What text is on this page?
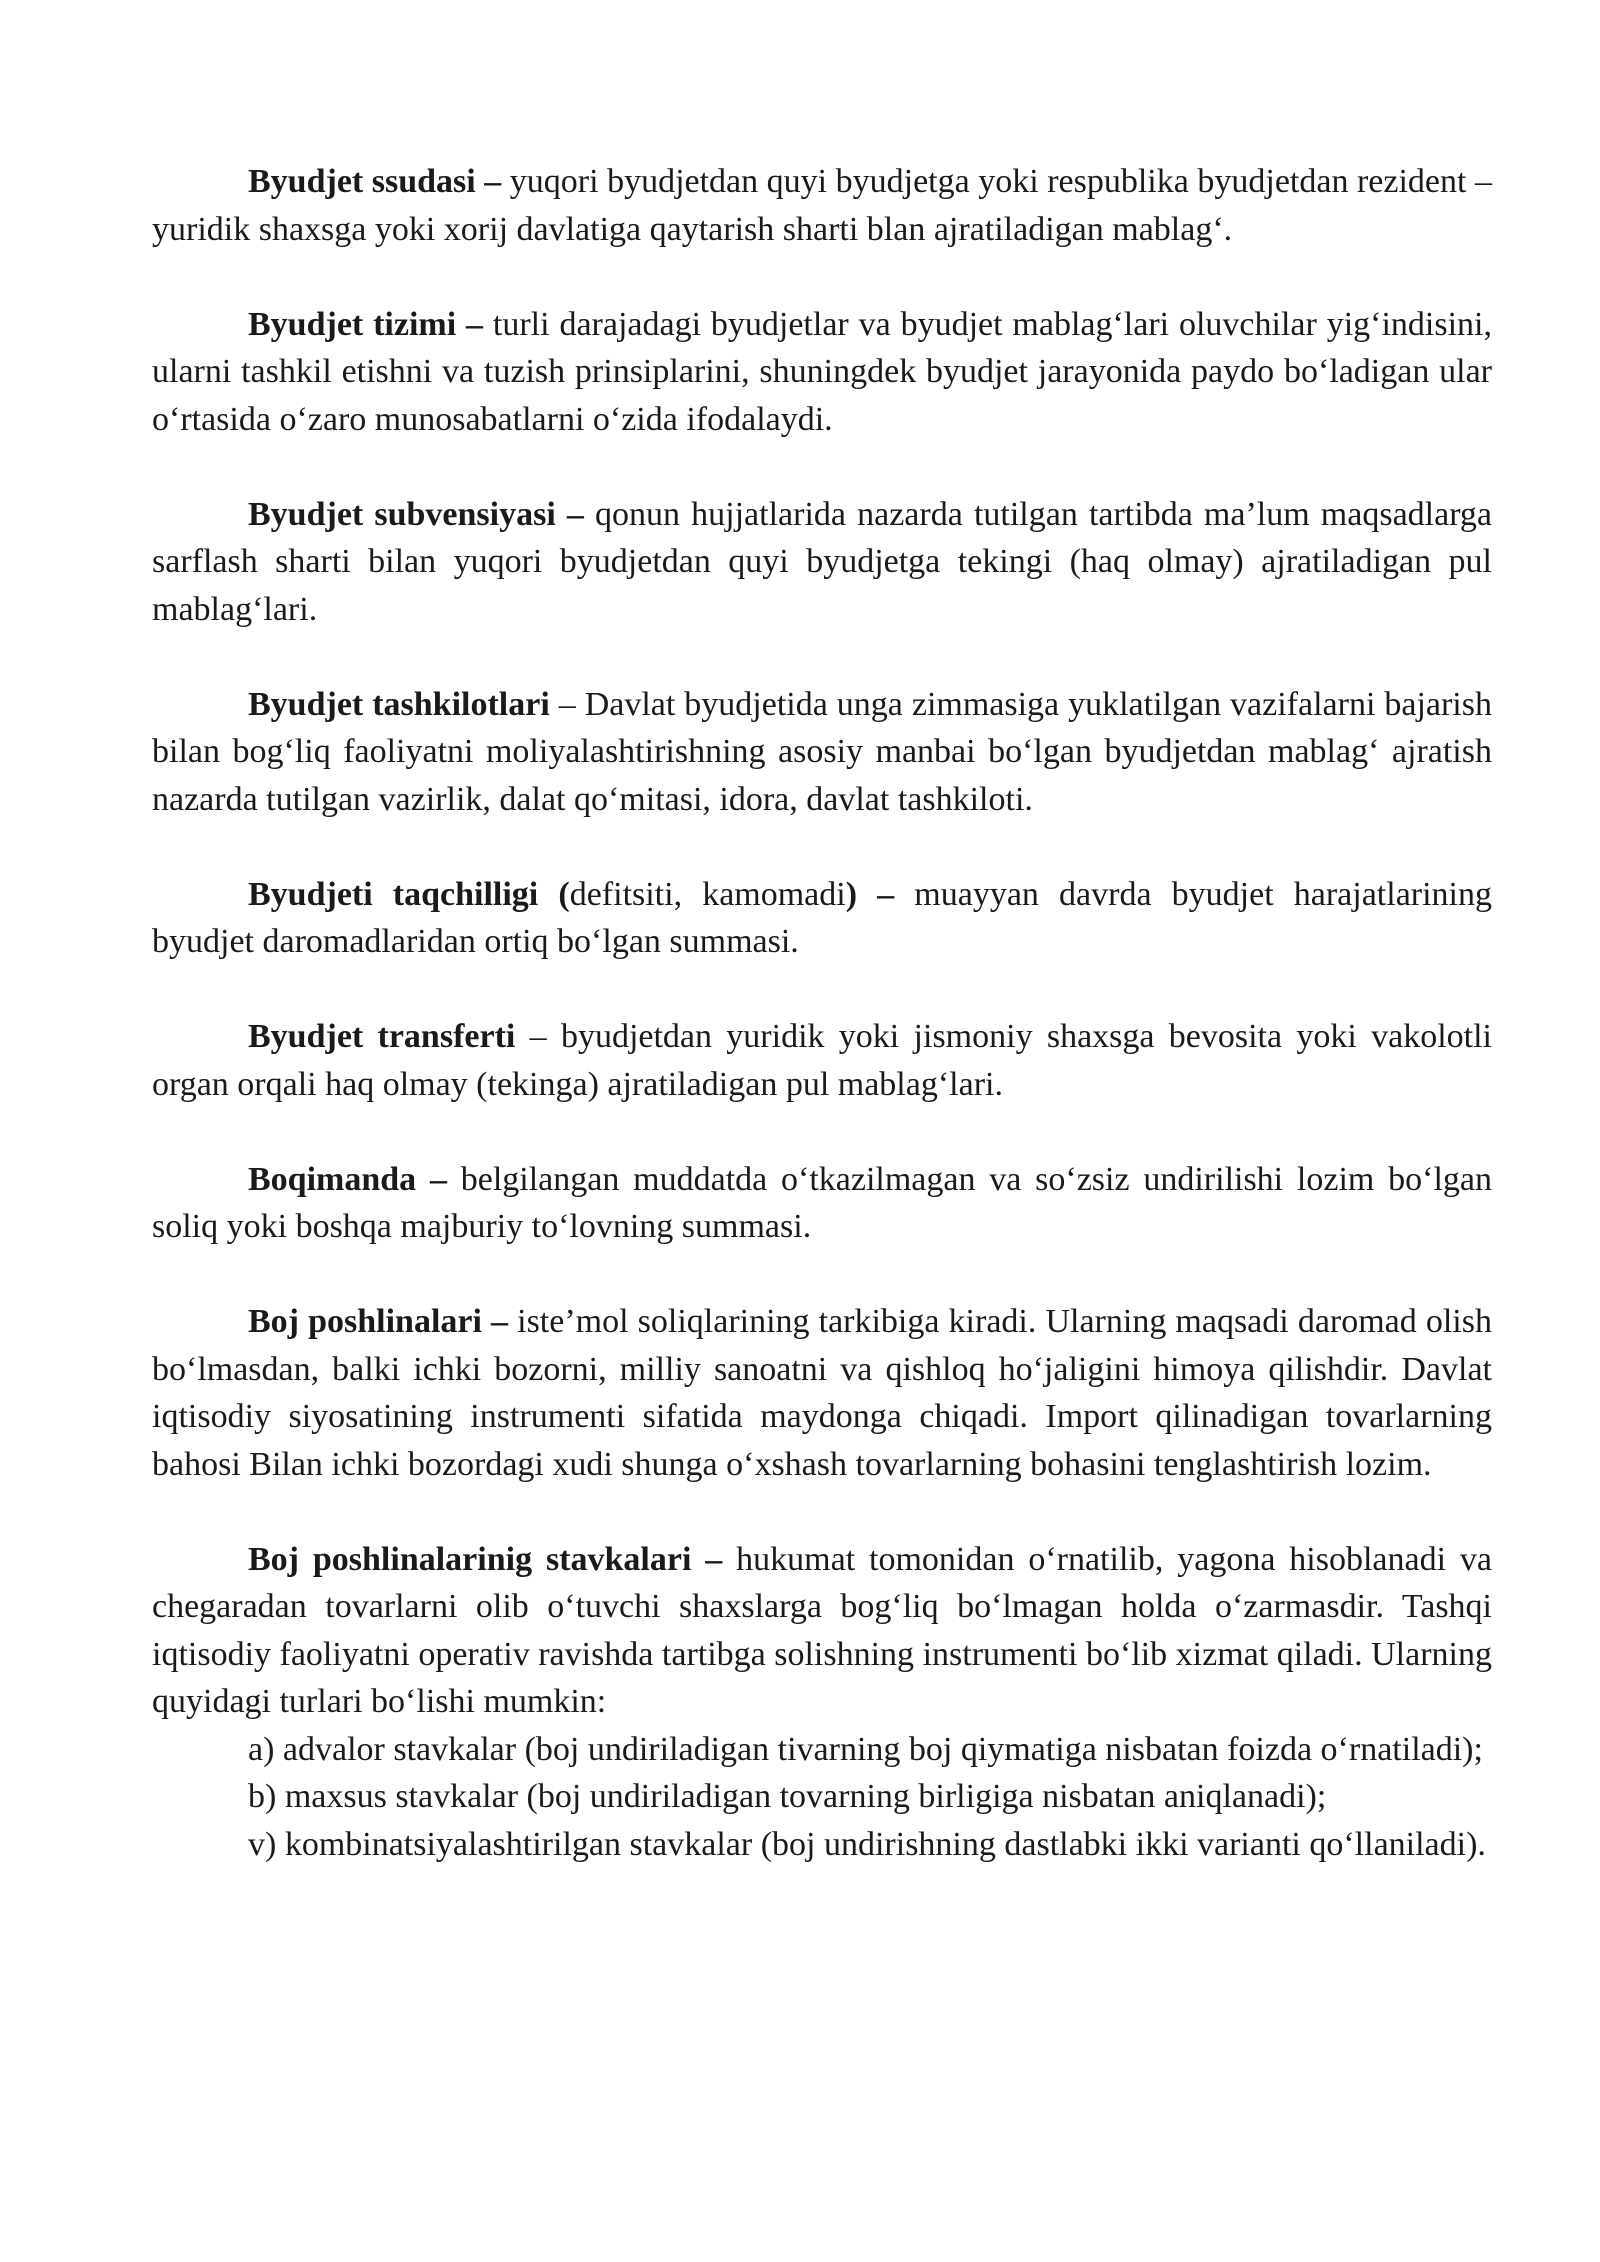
Byudjet ssudasi – yuqori byudjetdan quyi byudjetga yoki respublika byudjetdan rezident – yuridik shaxsga yoki xorij davlatiga qaytarish sharti blan ajratiladigan mablag‘.

Byudjet tizimi – turli darajadagi byudjetlar va byudjet mablag‘lari oluvchilar yig‘indisini, ularni tashkil etishni va tuzish prinsiplarini, shuningdek byudjet jarayonida paydo bo‘ladigan ular o‘rtasida o‘zaro munosabatlarni o‘zida ifodalaydi.

Byudjet subvensiyasi – qonun hujjatlarida nazarda tutilgan tartibda ma’lum maqsadlarga sarflash sharti bilan yuqori byudjetdan quyi byudjetga tekingi (haq olmay) ajratiladigan pul mablag‘lari.

Byudjet tashkilotlari – Davlat byudjetida unga zimmasiga yuklatilgan vazifalarni bajarish bilan bog‘liq faoliyatni moliyalashtirishning asosiy manbai bo‘lgan byudjetdan mablag‘ ajratish nazarda tutilgan vazirlik, dalat qo‘mitasi, idora, davlat tashkiloti.

Byudjeti taqchilligi (defitsiti, kamomadi) – muayyan davrda byudjet harajatlarining byudjet daromadlaridan ortiq bo‘lgan summasi.

Byudjet transferti – byudjetdan yuridik yoki jismoniy shaxsga bevosita yoki vakolotli organ orqali haq olmay (tekinga) ajratiladigan pul mablag‘lari.

Boqimanda – belgilangan muddatda o‘tkazilmagan va so‘zsiz undirilishi lozim bo‘lgan soliq yoki boshqa majburiy to‘lovning summasi.

Boj poshlinalari – iste’mol soliqlarining tarkibiga kiradi. Ularning maqsadi daromad olish bo‘lmasdan, balki ichki bozorni, milliy sanoatni va qishloq ho‘jaligini himoya qilishdir. Davlat iqtisodiy siyosatining instrumenti sifatida maydonga chiqadi. Import qilinadigan tovarlarning bahosi Bilan ichki bozordagi xudi shunga o‘xshash tovarlarning bohasini tenglashtirish lozim.

Boj poshlinalarinig stavkalari – hukumat tomonidan o‘rnatilib, yagona hisoblanadi va chegaradan tovarlarni olib o‘tuvchi shaxslarga bog‘liq bo‘lmagan holda o‘zarmasdir. Tashqi iqtisodiy faoliyatni operativ ravishda tartibga solishning instrumenti bo‘lib xizmat qiladi. Ularning quyidagi turlari bo‘lishi mumkin:

a) advalor stavkalar (boj undiriladigan tivarning boj qiymatiga nisbatan foizda o‘rnatiladi);

b) maxsus stavkalar (boj undiriladigan tovarning birligiga nisbatan aniqlanadi);

v) kombinatsiyalashtirilgan stavkalar (boj undirishning dastlabki ikki varianti qo‘llaniladi).
